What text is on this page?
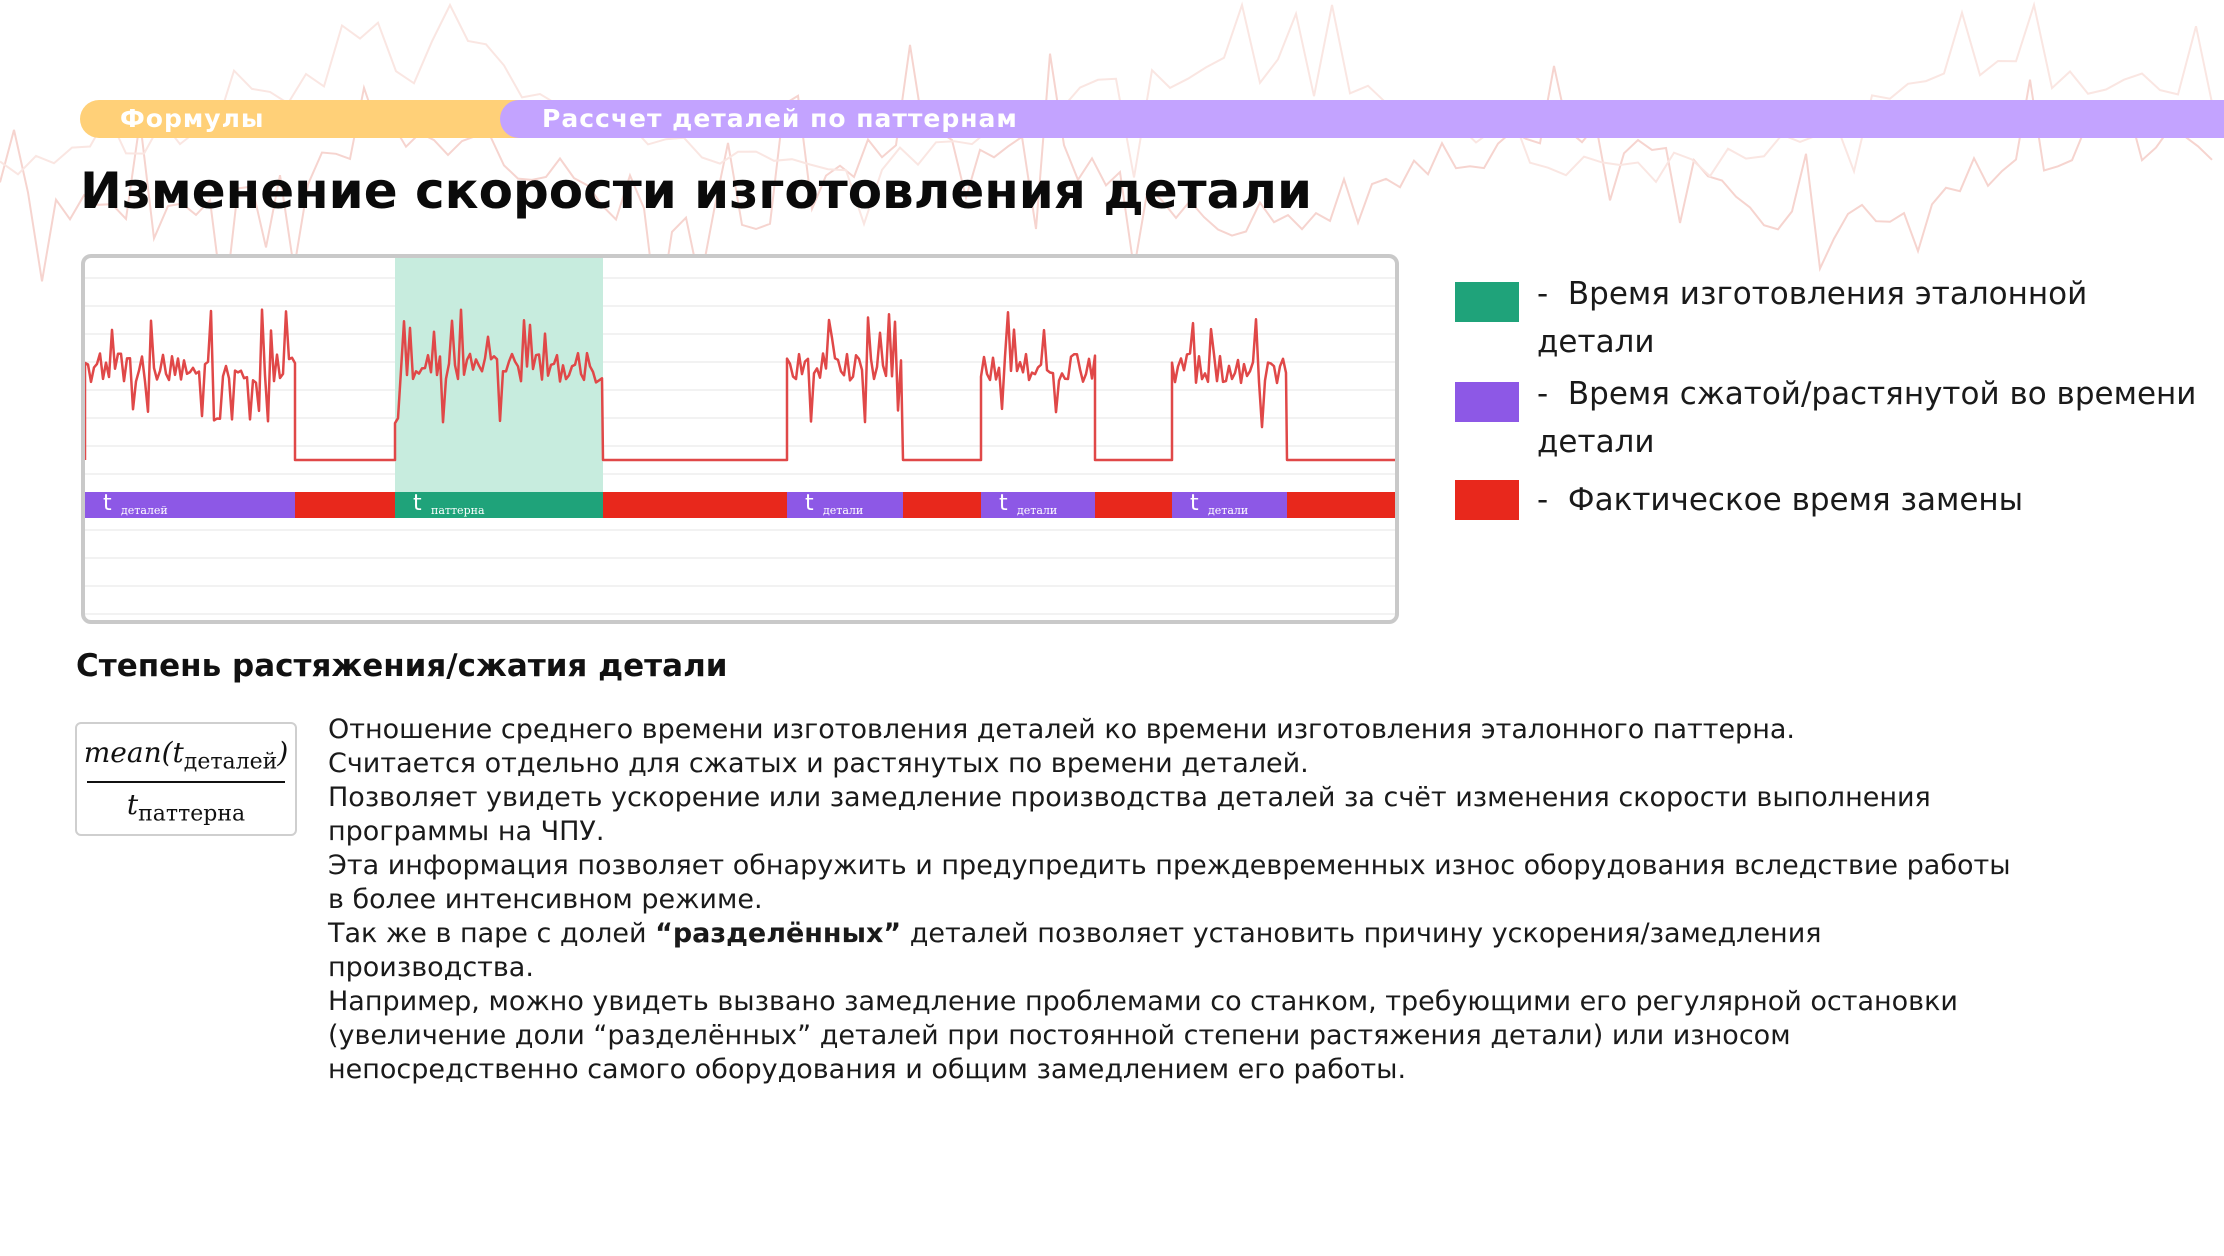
Формулы	Рассчет деталей по паттернам
Изменение скорости изготовления детали
t деталей	t паттерна	t детали	t детали	t детали
- Время изготовления эталонной детали
- Время сжатой/растянутой во времени детали
- Фактическое время замены
Степень растяжения/сжатия детали
$mean(t_{деталей})$
$t_{паттерна}$

Отношение среднего времени изготовления деталей ко времени изготовления эталонного паттерна.

Считается отдельно для сжатых и растянутых по времени деталей.

Позволяет увидеть ускорение или замедление производства деталей за счёт изменения скорости выполнения программы на ЧПУ.

Эта информация позволяет обнаружить и предупредить преждевременных износ оборудования вследствие работы в более интенсивном режиме.

Так же в паре с долей “разделённых” деталей позволяет установить причину ускорения/замедления производства.

Например, можно увидеть вызвано замедление проблемами со станком, требующими его регулярной остановки (увеличение доли “разделённых” деталей при постоянной степени растяжения детали) или износом непосредственно самого оборудования и общим замедлением его работы.
